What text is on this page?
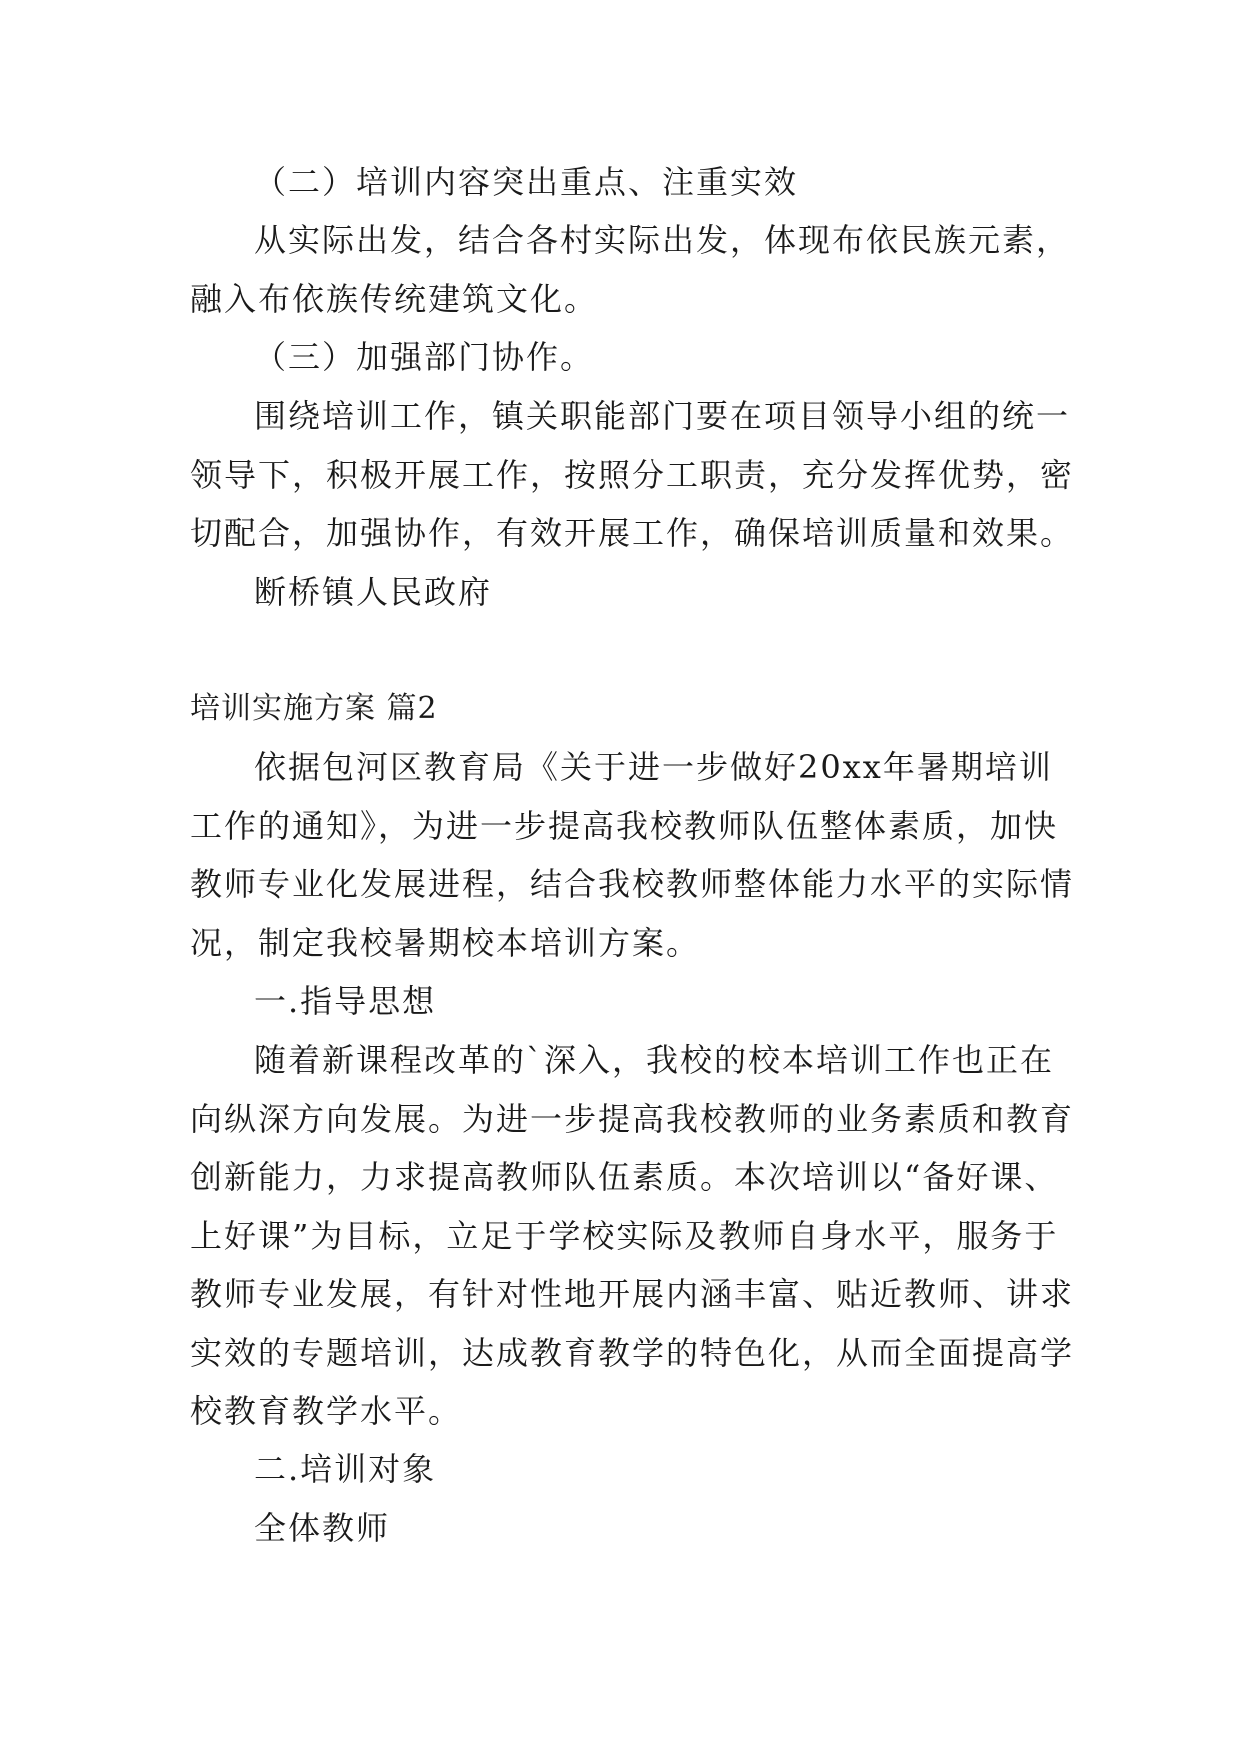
（二）培训内容突出重点、注重实效

从实际出发，结合各村实际出发，体现布依民族元素，融入布依族传统建筑文化。

（三）加强部门协作。

围绕培训工作，镇关职能部门要在项目领导小组的统一领导下，积极开展工作，按照分工职责，充分发挥优势，密切配合，加强协作，有效开展工作，确保培训质量和效果。

断桥镇人民政府

培训实施方案 篇2

依据包河区教育局《关于进一步做好20xx年暑期培训工作的通知》，为进一步提高我校教师队伍整体素质，加快教师专业化发展进程，结合我校教师整体能力水平的实际情况，制定我校暑期校本培训方案。

一.指导思想

随着新课程改革的`深入，我校的校本培训工作也正在向纵深方向发展。为进一步提高我校教师的业务素质和教育创新能力，力求提高教师队伍素质。本次培训以“备好课、上好课”为目标，立足于学校实际及教师自身水平，服务于教师专业发展，有针对性地开展内涵丰富、贴近教师、讲求实效的专题培训，达成教育教学的特色化，从而全面提高学校教育教学水平。

二.培训对象

全体教师
